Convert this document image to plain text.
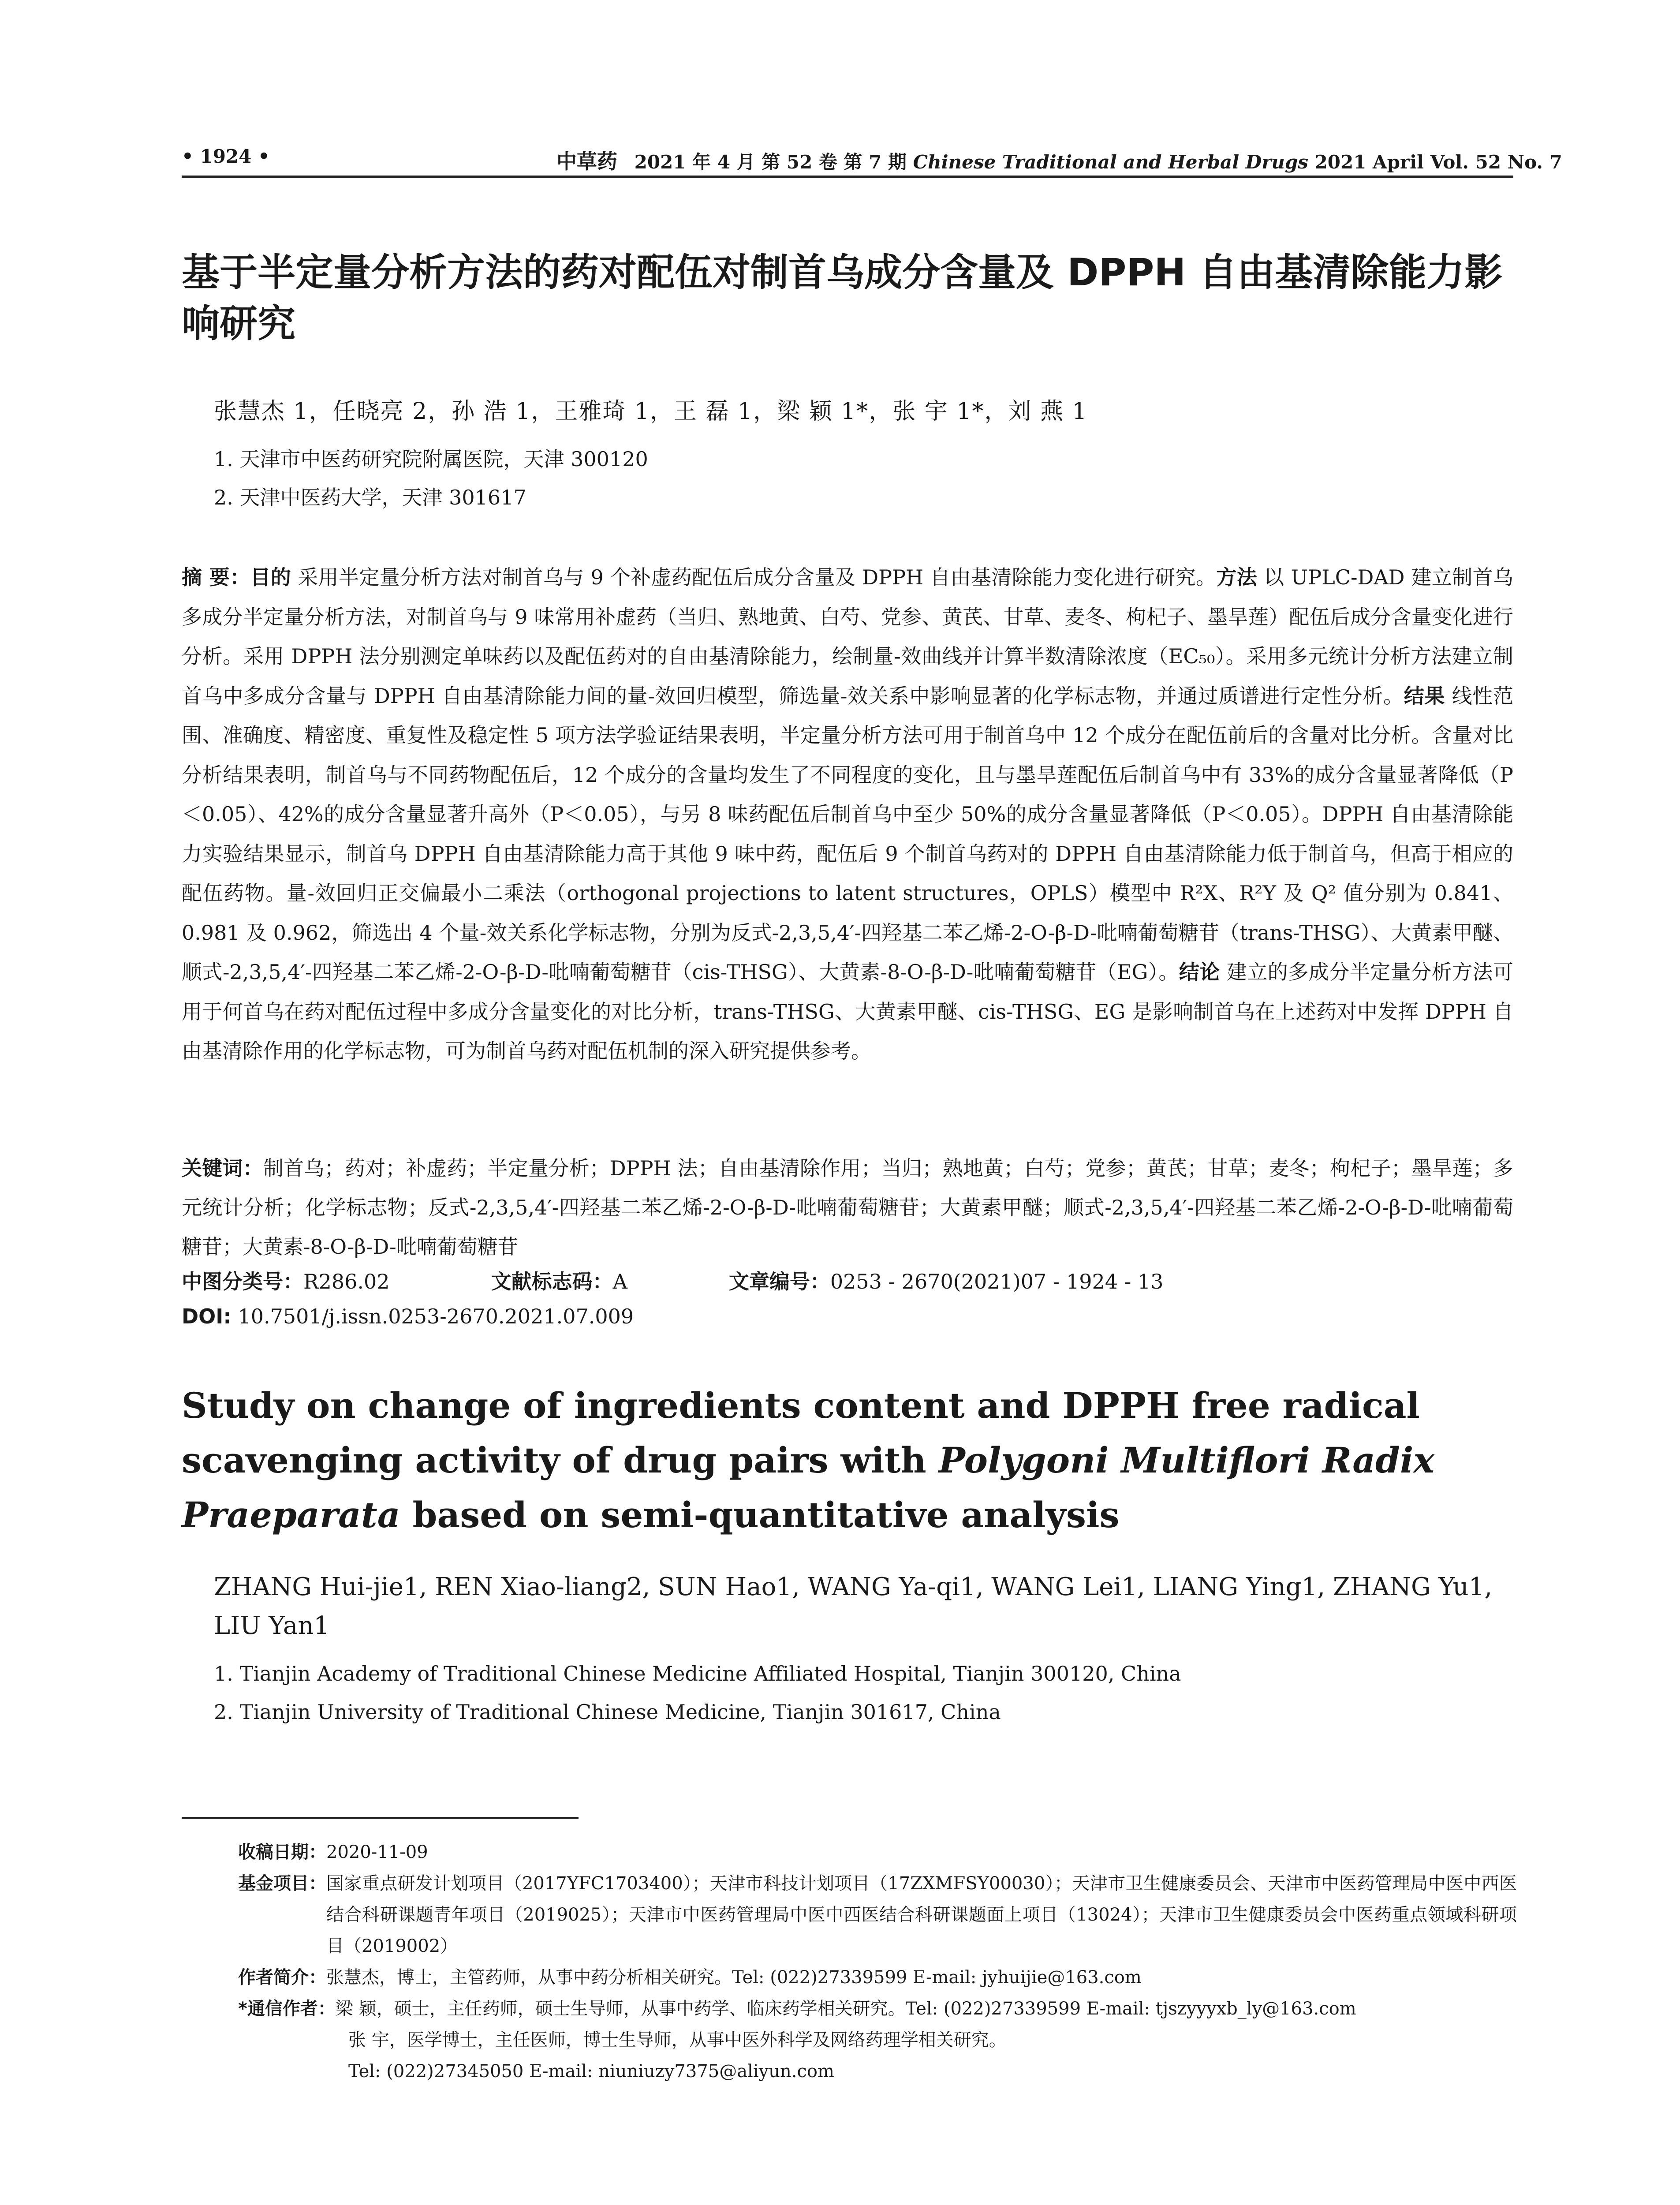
• 1924 •	中草药 2021 年 4 月 第 52 卷 第 7 期 Chinese Traditional and Herbal Drugs 2021 April Vol. 52 No. 7
基于半定量分析方法的药对配伍对制首乌成分含量及 DPPH 自由基清除能力影响研究
张慧杰 1，任晓亮 2，孙 浩 1，王雅琦 1，王 磊 1，梁 颖 1*，张 宇 1*，刘 燕 1
1. 天津市中医药研究院附属医院，天津 300120
2. 天津中医药大学，天津 301617
摘 要：目的 采用半定量分析方法对制首乌与 9 个补虚药配伍后成分含量及 DPPH 自由基清除能力变化进行研究。方法 以 UPLC-DAD 建立制首乌多成分半定量分析方法，对制首乌与 9 味常用补虚药（当归、熟地黄、白芍、党参、黄芪、甘草、麦冬、枸杞子、墨旱莲）配伍后成分含量变化进行分析。采用 DPPH 法分别测定单味药以及配伍药对的自由基清除能力，绘制量-效曲线并计算半数清除浓度（EC₅₀）。采用多元统计分析方法建立制首乌中多成分含量与 DPPH 自由基清除能力间的量-效回归模型，筛选量-效关系中影响显著的化学标志物，并通过质谱进行定性分析。结果 线性范围、准确度、精密度、重复性及稳定性 5 项方法学验证结果表明，半定量分析方法可用于制首乌中 12 个成分在配伍前后的含量对比分析。含量对比分析结果表明，制首乌与不同药物配伍后，12 个成分的含量均发生了不同程度的变化，且与墨旱莲配伍后制首乌中有 33%的成分含量显著降低（P＜0.05）、42%的成分含量显著升高外（P＜0.05），与另 8 味药配伍后制首乌中至少 50%的成分含量显著降低（P＜0.05）。DPPH 自由基清除能力实验结果显示，制首乌 DPPH 自由基清除能力高于其他 9 味中药，配伍后 9 个制首乌药对的 DPPH 自由基清除能力低于制首乌，但高于相应的配伍药物。量-效回归正交偏最小二乘法（orthogonal projections to latent structures，OPLS）模型中 R²X、R²Y 及 Q² 值分别为 0.841、0.981 及 0.962，筛选出 4 个量-效关系化学标志物，分别为反式-2,3,5,4′-四羟基二苯乙烯-2-O-β-D-吡喃葡萄糖苷（trans-THSG）、大黄素甲醚、顺式-2,3,5,4′-四羟基二苯乙烯-2-O-β-D-吡喃葡萄糖苷（cis-THSG）、大黄素-8-O-β-D-吡喃葡萄糖苷（EG）。结论 建立的多成分半定量分析方法可用于何首乌在药对配伍过程中多成分含量变化的对比分析，trans-THSG、大黄素甲醚、cis-THSG、EG 是影响制首乌在上述药对中发挥 DPPH 自由基清除作用的化学标志物，可为制首乌药对配伍机制的深入研究提供参考。
关键词：制首乌；药对；补虚药；半定量分析；DPPH 法；自由基清除作用；当归；熟地黄；白芍；党参；黄芪；甘草；麦冬；枸杞子；墨旱莲；多元统计分析；化学标志物；反式-2,3,5,4′-四羟基二苯乙烯-2-O-β-D-吡喃葡萄糖苷；大黄素甲醚；顺式-2,3,5,4′-四羟基二苯乙烯-2-O-β-D-吡喃葡萄糖苷；大黄素-8-O-β-D-吡喃葡萄糖苷
中图分类号：R286.02	文献标志码：A	文章编号：0253 - 2670(2021)07 - 1924 - 13
DOI: 10.7501/j.issn.0253-2670.2021.07.009
Study on change of ingredients content and DPPH free radical scavenging activity of drug pairs with Polygoni Multiflori Radix Praeparata based on semi-quantitative analysis
ZHANG Hui-jie1, REN Xiao-liang2, SUN Hao1, WANG Ya-qi1, WANG Lei1, LIANG Ying1, ZHANG Yu1, LIU Yan1
1. Tianjin Academy of Traditional Chinese Medicine Affiliated Hospital, Tianjin 300120, China
2. Tianjin University of Traditional Chinese Medicine, Tianjin 301617, China
收稿日期： 2020-11-09
基金项目： 国家重点研发计划项目（2017YFC1703400）；天津市科技计划项目（17ZXMFSY00030）；天津市卫生健康委员会、天津市中医药管理局中医中西医结合科研课题青年项目（2019025）；天津市中医药管理局中医中西医结合科研课题面上项目（13024）；天津市卫生健康委员会中医药重点领域科研项目（2019002）
作者简介： 张慧杰，博士，主管药师，从事中药分析相关研究。Tel: (022)27339599 E-mail: jyhuijie@163.com
*通信作者： 梁 颖，硕士，主任药师，硕士生导师，从事中药学、临床药学相关研究。Tel: (022)27339599 E-mail: tjszyyyxb_ly@163.com
张 宇，医学博士，主任医师，博士生导师，从事中医外科学及网络药理学相关研究。
Tel: (022)27345050 E-mail: niuniuzy7375@aliyun.com
